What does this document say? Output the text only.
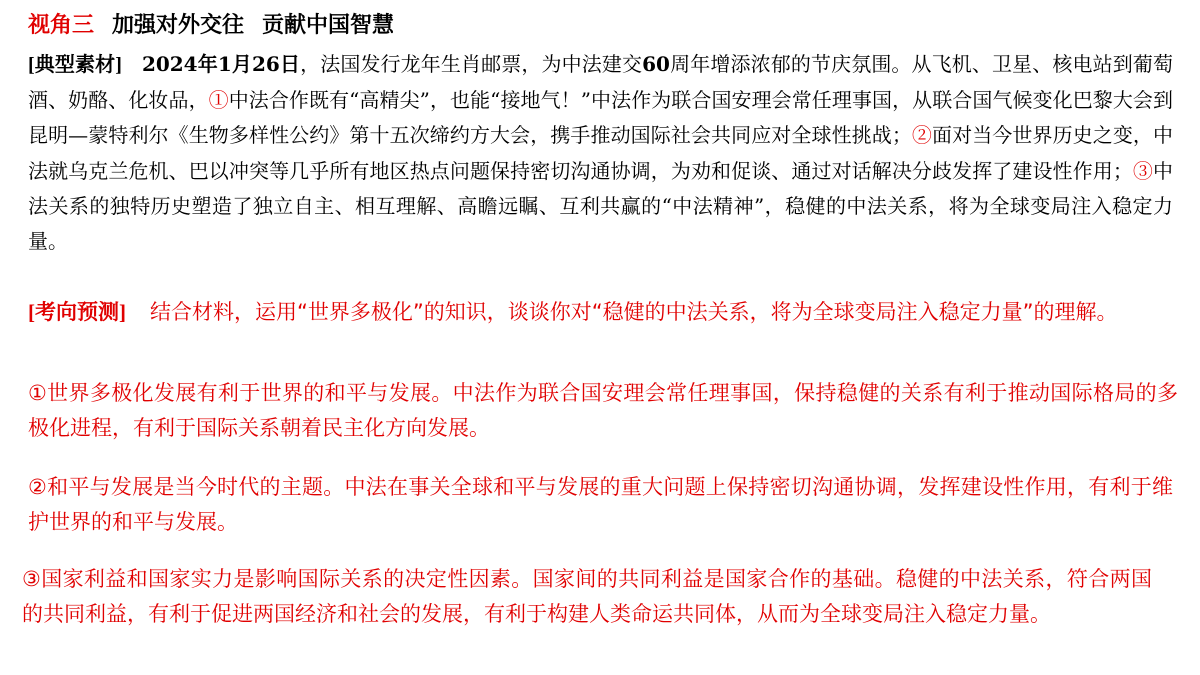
视角三 加强对外交往 贡献中国智慧
[典型素材] 2024年1月26日，法国发行龙年生肖邮票，为中法建交60周年增添浓郁的节庆氛围。从飞机、卫星、核电站到葡萄酒、奶酪、化妆品，①中法合作既有“高精尖”，也能“接地气！”中法作为联合国安理会常任理事国，从联合国气候变化巴黎大会到昆明—蒙特利尔《生物多样性公约》第十五次缔约方大会，携手推动国际社会共同应对全球性挑战；②面对当今世界历史之变，中法就乌克兰危机、巴以冲突等几乎所有地区热点问题保持密切沟通协调，为劝和促谈、通过对话解决分歧发挥了建设性作用；③中法关系的独特历史塑造了独立自主、相互理解、高瞻远瞩、互利共赢的“中法精神”，稳健的中法关系，将为全球变局注入稳定力量。
[考向预测] 结合材料，运用“世界多极化”的知识，谈谈你对“稳健的中法关系，将为全球变局注入稳定力量”的理解。
①世界多极化发展有利于世界的和平与发展。中法作为联合国安理会常任理事国，保持稳健的关系有利于推动国际格局的多极化进程，有利于国际关系朝着民主化方向发展。
②和平与发展是当今时代的主题。中法在事关全球和平与发展的重大问题上保持密切沟通协调，发挥建设性作用，有利于维护世界的和平与发展。
③国家利益和国家实力是影响国际关系的决定性因素。国家间的共同利益是国家合作的基础。稳健的中法关系，符合两国的共同利益，有利于促进两国经济和社会的发展，有利于构建人类命运共同体，从而为全球变局注入稳定力量。
